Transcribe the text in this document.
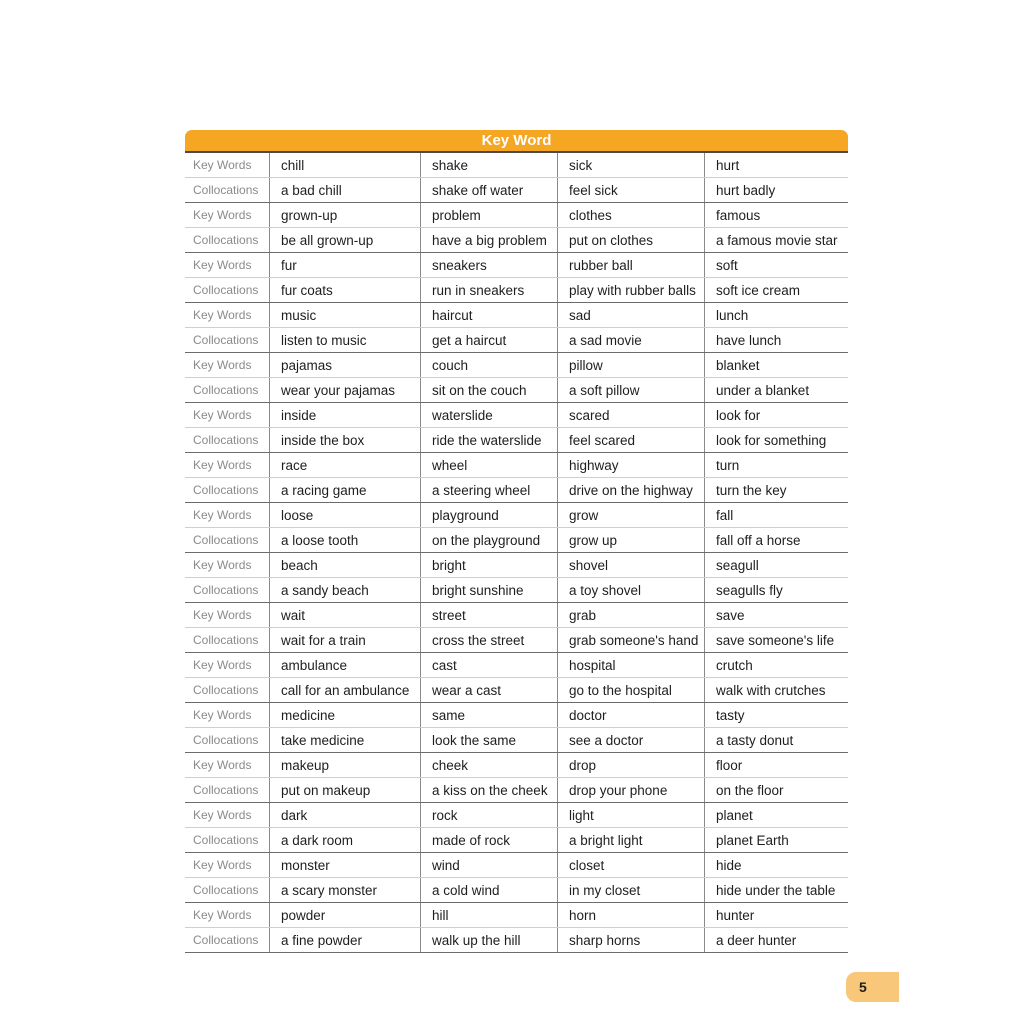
Key Word
Key Words	chill	shake	sick	hurt
Collocations	a bad chill	shake off water	feel sick	hurt badly
Key Words	grown-up	problem	clothes	famous
Collocations	be all grown-up	have a big problem	put on clothes	a famous movie star
Key Words	fur	sneakers	rubber ball	soft
Collocations	fur coats	run in sneakers	play with rubber balls	soft ice cream
Key Words	music	haircut	sad	lunch
Collocations	listen to music	get a haircut	a sad movie	have lunch
Key Words	pajamas	couch	pillow	blanket
Collocations	wear your pajamas	sit on the couch	a soft pillow	under a blanket
Key Words	inside	waterslide	scared	look for
Collocations	inside the box	ride the waterslide	feel scared	look for something
Key Words	race	wheel	highway	turn
Collocations	a racing game	a steering wheel	drive on the highway	turn the key
Key Words	loose	playground	grow	fall
Collocations	a loose tooth	on the playground	grow up	fall off a horse
Key Words	beach	bright	shovel	seagull
Collocations	a sandy beach	bright sunshine	a toy shovel	seagulls fly
Key Words	wait	street	grab	save
Collocations	wait for a train	cross the street	grab someone's hand	save someone's life
Key Words	ambulance	cast	hospital	crutch
Collocations	call for an ambulance	wear a cast	go to the hospital	walk with crutches
Key Words	medicine	same	doctor	tasty
Collocations	take medicine	look the same	see a doctor	a tasty donut
Key Words	makeup	cheek	drop	floor
Collocations	put on makeup	a kiss on the cheek	drop your phone	on the floor
Key Words	dark	rock	light	planet
Collocations	a dark room	made of rock	a bright light	planet Earth
Key Words	monster	wind	closet	hide
Collocations	a scary monster	a cold wind	in my closet	hide under the table
Key Words	powder	hill	horn	hunter
Collocations	a fine powder	walk up the hill	sharp horns	a deer hunter
5
